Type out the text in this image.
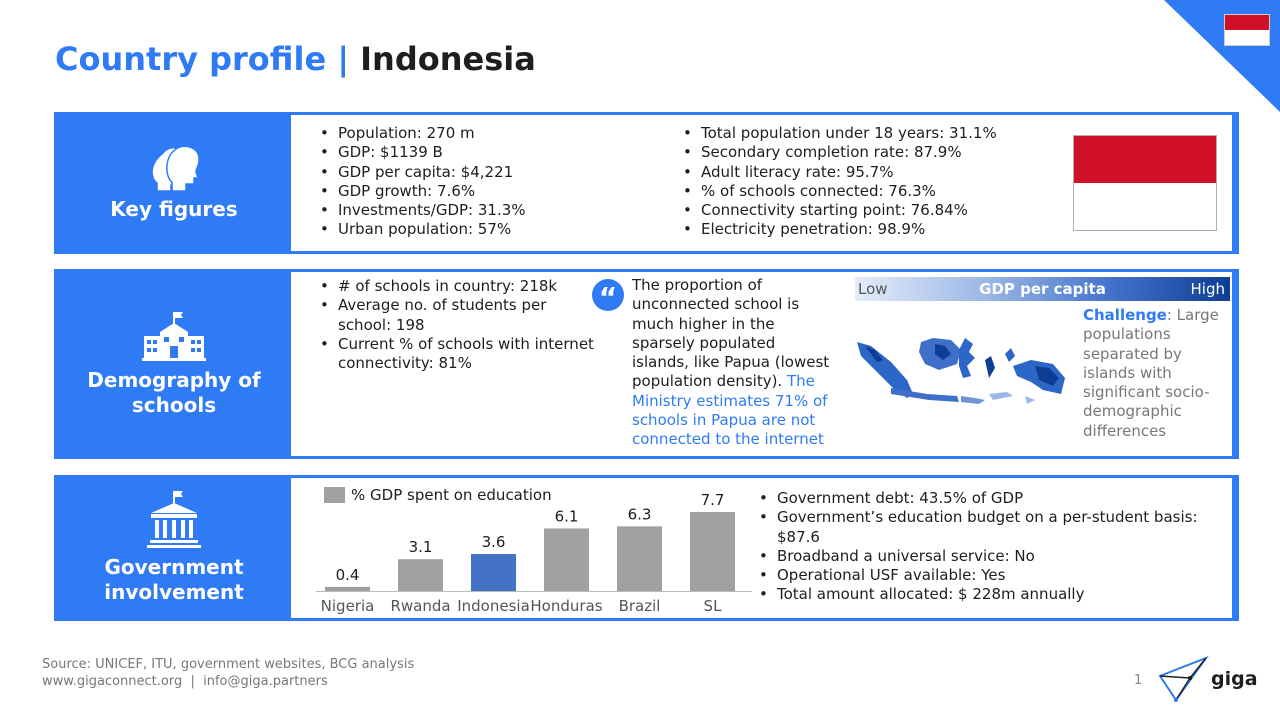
Country profile | Indonesia
Key figures
• Population: 270 m
• GDP: $1139 B
• GDP per capita: $4,221
• GDP growth: 7.6%
• Investments/GDP: 31.3%
• Urban population: 57%
• Total population under 18 years: 31.1%
• Secondary completion rate: 87.9%
• Adult literacy rate: 95.7%
• % of schools connected: 76.3%
• Connectivity starting point: 76.84%
• Electricity penetration: 98.9%
Demography of
schools
• # of schools in country: 218k
• Average no. of students per school: 198
• Current % of schools with internet connectivity: 81%
“ The proportion of unconnected school is much higher in the sparsely populated islands, like Papua (lowest population density). The Ministry estimates 71% of schools in Papua are not connected to the internet
GDP per capita
Low	High
Challenge: Large populations separated by islands with significant socio-demographic differences
Government
involvement
% GDP spent on education
0.4
Nigeria
3.1
Rwanda
3.6
Indonesia
6.1
Honduras
6.3
Brazil
7.7
SL
• Government debt: 43.5% of GDP
• Government’s education budget on a per-student basis: $87.6
• Broadband a universal service: No
• Operational USF available: Yes
• Total amount allocated: $ 228m annually
Source: UNICEF, ITU, government websites, BCG analysis
www.gigaconnect.org | info@giga.partners	1	giga
